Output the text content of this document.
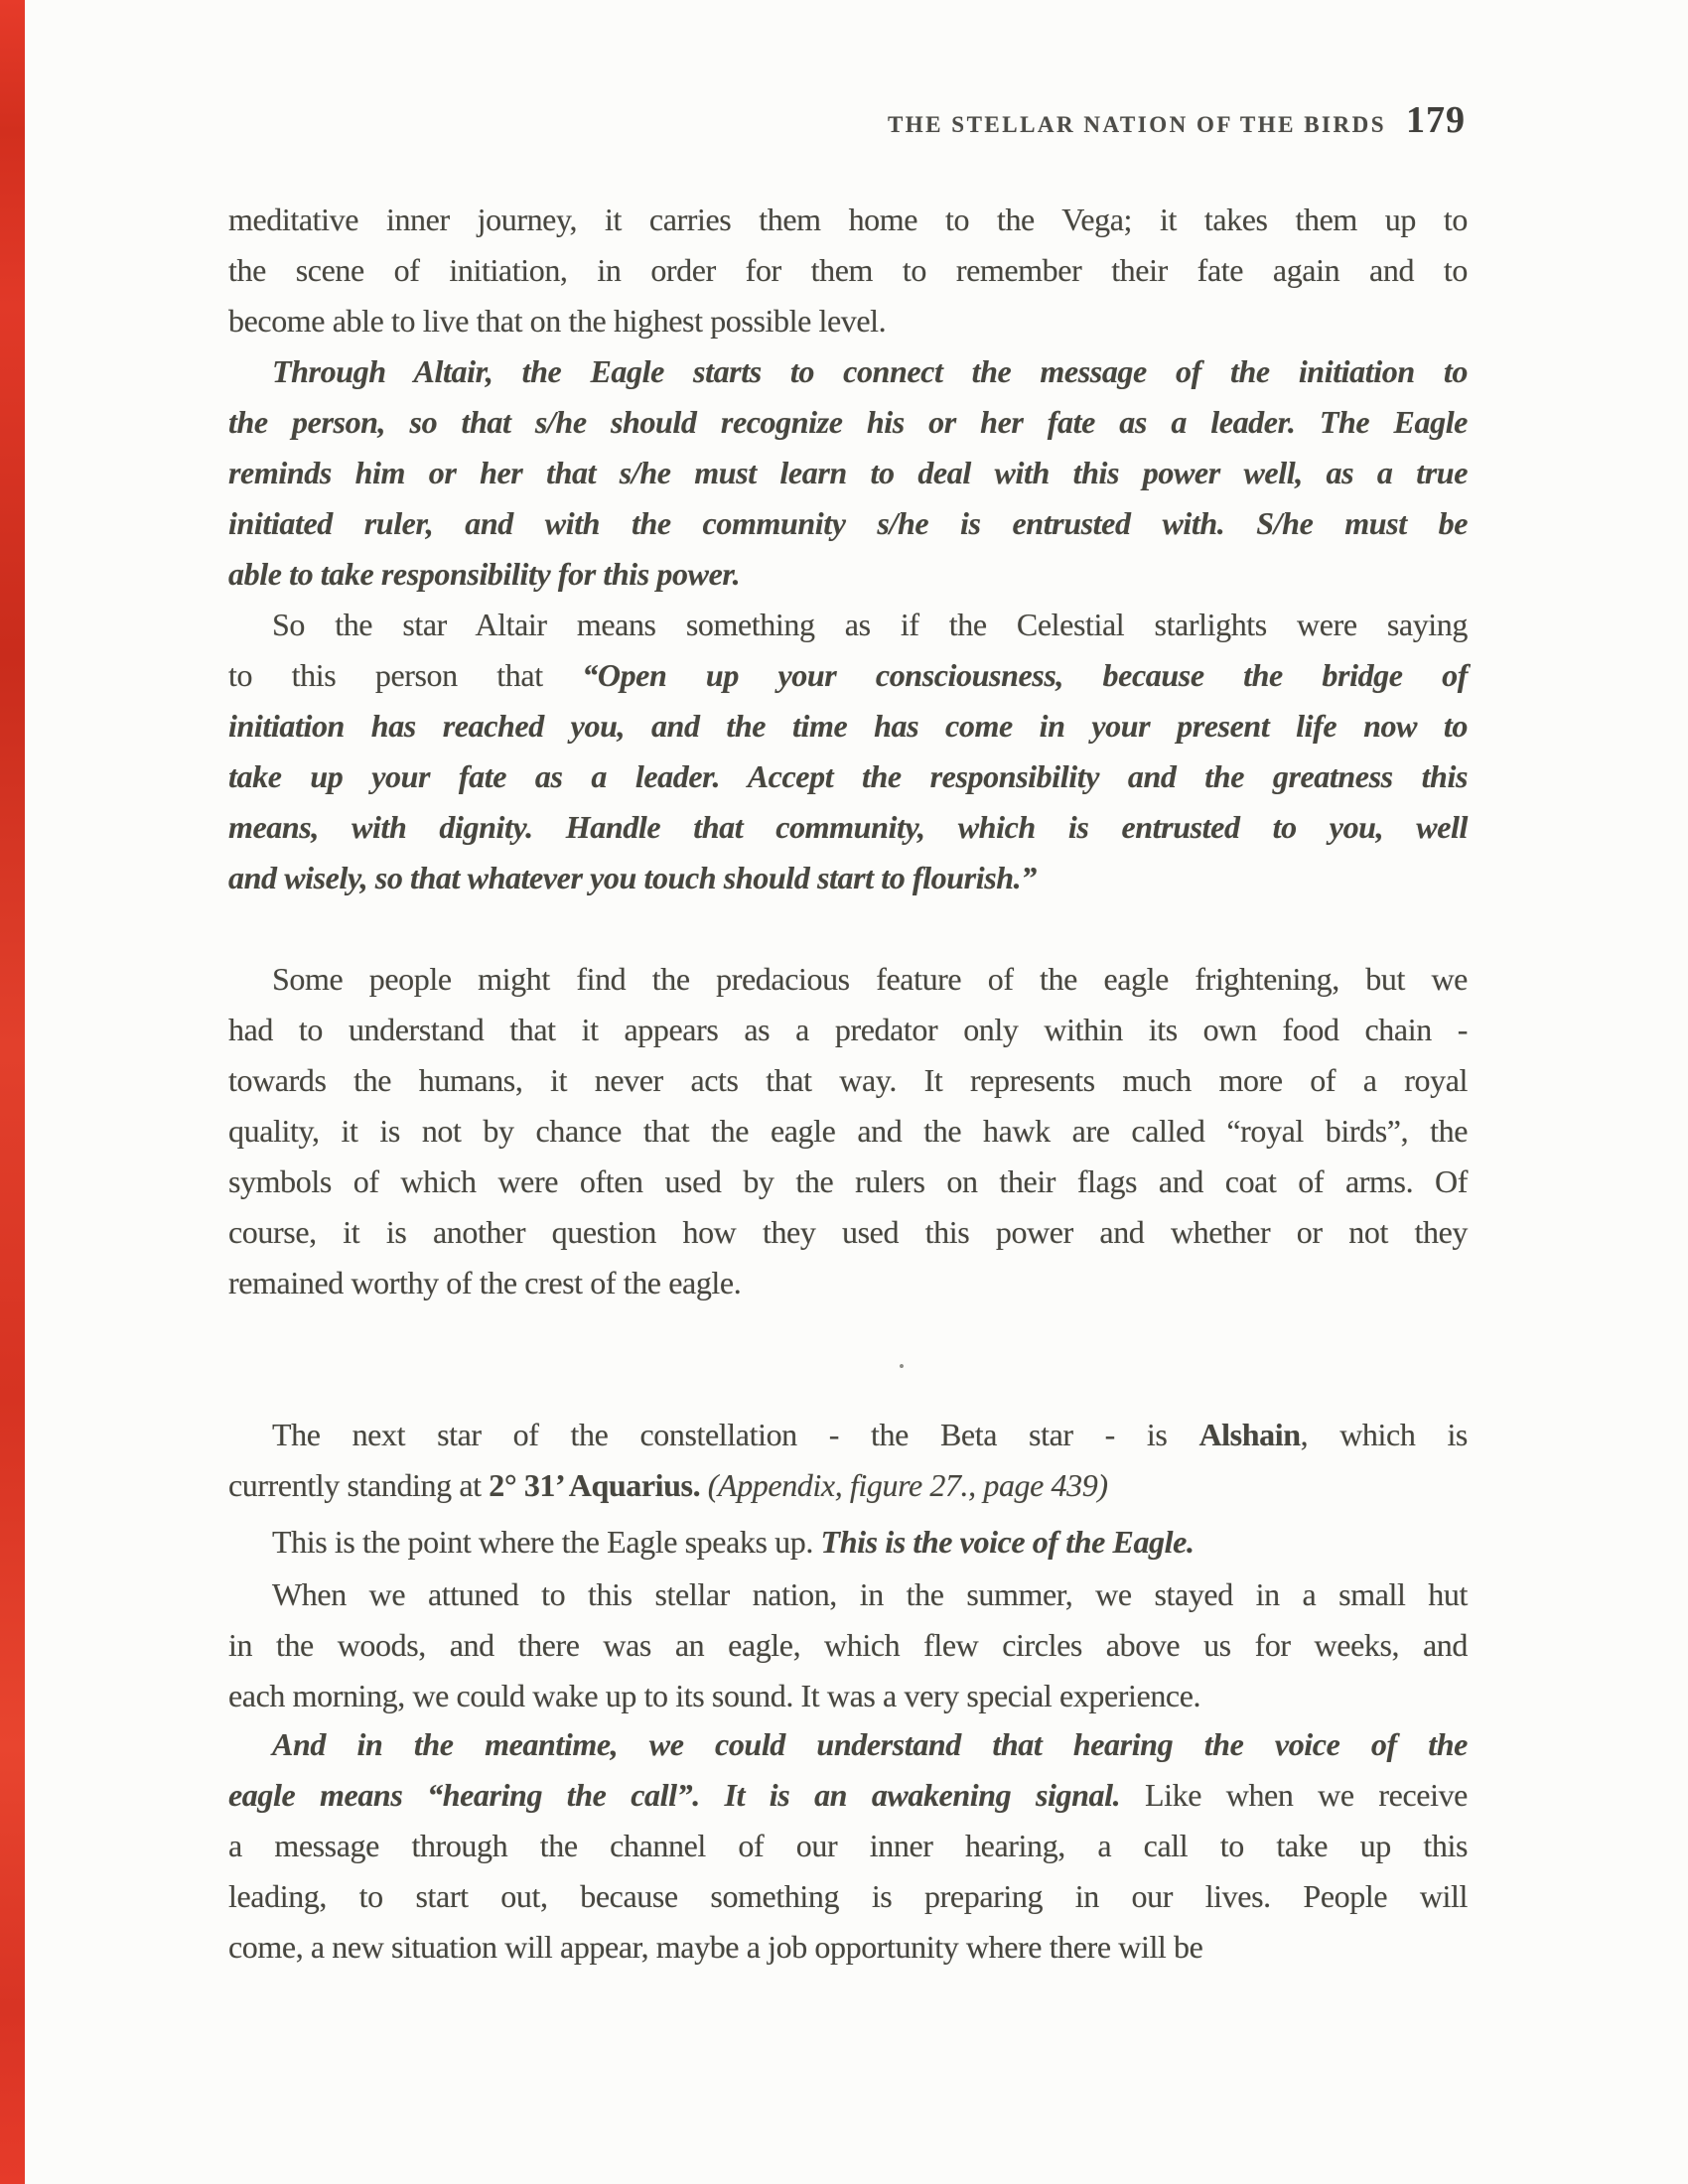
THE STELLAR NATION OF THE BIRDS 179
meditative inner journey, it carries them home to the Vega; it takes them up to
the scene of initiation, in order for them to remember their fate again and to
become able to live that on the highest possible level.
Through Altair, the Eagle starts to connect the message of the initiation to
the person, so that s/he should recognize his or her fate as a leader. The Eagle
reminds him or her that s/he must learn to deal with this power well, as a true
initiated ruler, and with the community s/he is entrusted with. S/he must be
able to take responsibility for this power.
So the star Altair means something as if the Celestial starlights were saying
to this person that “Open up your consciousness, because the bridge of
initiation has reached you, and the time has come in your present life now to
take up your fate as a leader. Accept the responsibility and the greatness this
means, with dignity. Handle that community, which is entrusted to you, well
and wisely, so that whatever you touch should start to flourish.”
Some people might find the predacious feature of the eagle frightening, but we
had to understand that it appears as a predator only within its own food chain -
towards the humans, it never acts that way. It represents much more of a royal
quality, it is not by chance that the eagle and the hawk are called “royal birds”, the
symbols of which were often used by the rulers on their flags and coat of arms. Of
course, it is another question how they used this power and whether or not they
remained worthy of the crest of the eagle.
•
The next star of the constellation - the Beta star - is Alshain, which is
currently standing at 2° 31’ Aquarius. (Appendix, figure 27., page 439)
This is the point where the Eagle speaks up. This is the voice of the Eagle.
When we attuned to this stellar nation, in the summer, we stayed in a small hut
in the woods, and there was an eagle, which flew circles above us for weeks, and
each morning, we could wake up to its sound. It was a very special experience.
And in the meantime, we could understand that hearing the voice of the
eagle means “hearing the call”. It is an awakening signal. Like when we receive
a message through the channel of our inner hearing, a call to take up this
leading, to start out, because something is preparing in our lives. People will
come, a new situation will appear, maybe a job opportunity where there will be
